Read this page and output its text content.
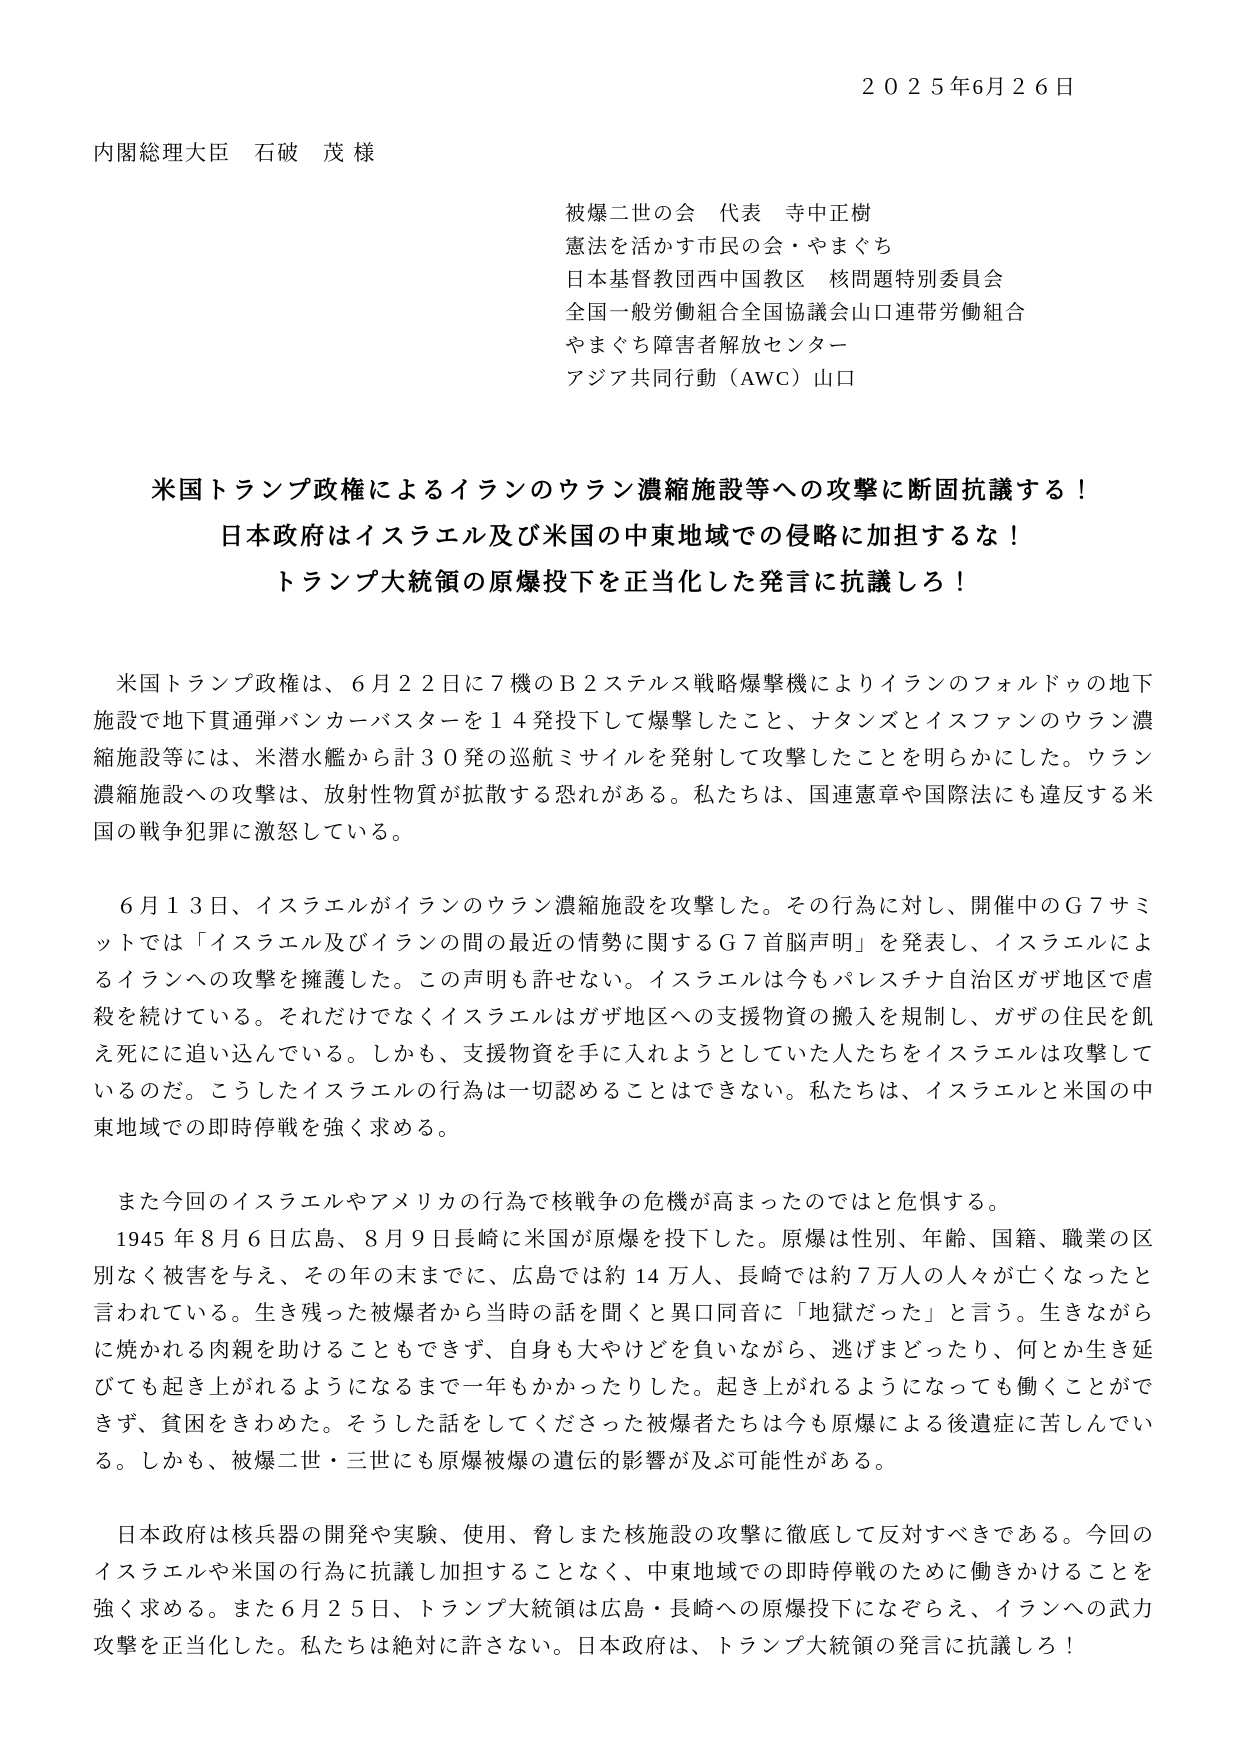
２０２５年6月２６日
内閣総理大臣　石破　茂 様
被爆二世の会　代表　寺中正樹
憲法を活かす市民の会・やまぐち
日本基督教団西中国教区　核問題特別委員会
全国一般労働組合全国協議会山口連帯労働組合
やまぐち障害者解放センター
アジア共同行動（AWC）山口
米国トランプ政権によるイランのウラン濃縮施設等への攻撃に断固抗議する！
日本政府はイスラエル及び米国の中東地域での侵略に加担するな！
トランプ大統領の原爆投下を正当化した発言に抗議しろ！

米国トランプ政権は、６月２２日に７機のＢ２ステルス戦略爆撃機によりイランのフォルドゥの地下施設で地下貫通弾バンカーバスターを１４発投下して爆撃したこと、ナタンズとイスファンのウラン濃縮施設等には、米潜水艦から計３０発の巡航ミサイルを発射して攻撃したことを明らかにした。ウラン濃縮施設への攻撃は、放射性物質が拡散する恐れがある。私たちは、国連憲章や国際法にも違反する米国の戦争犯罪に激怒している。

６月１３日、イスラエルがイランのウラン濃縮施設を攻撃した。その行為に対し、開催中のＧ７サミットでは「イスラエル及びイランの間の最近の情勢に関するＧ７首脳声明」を発表し、イスラエルによるイランへの攻撃を擁護した。この声明も許せない。イスラエルは今もパレスチナ自治区ガザ地区で虐殺を続けている。それだけでなくイスラエルはガザ地区への支援物資の搬入を規制し、ガザの住民を飢え死にに追い込んでいる。しかも、支援物資を手に入れようとしていた人たちをイスラエルは攻撃しているのだ。こうしたイスラエルの行為は一切認めることはできない。私たちは、イスラエルと米国の中東地域での即時停戦を強く求める。

また今回のイスラエルやアメリカの行為で核戦争の危機が高まったのではと危惧する。

1945 年８月６日広島、８月９日長崎に米国が原爆を投下した。原爆は性別、年齢、国籍、職業の区別なく被害を与え、その年の末までに、広島では約 14 万人、長崎では約７万人の人々が亡くなったと言われている。生き残った被爆者から当時の話を聞くと異口同音に「地獄だった」と言う。生きながらに焼かれる肉親を助けることもできず、自身も大やけどを負いながら、逃げまどったり、何とか生き延びても起き上がれるようになるまで一年もかかったりした。起き上がれるようになっても働くことができず、貧困をきわめた。そうした話をしてくださった被爆者たちは今も原爆による後遺症に苦しんでいる。しかも、被爆二世・三世にも原爆被爆の遺伝的影響が及ぶ可能性がある。

日本政府は核兵器の開発や実験、使用、脅しまた核施設の攻撃に徹底して反対すべきである。今回のイスラエルや米国の行為に抗議し加担することなく、中東地域での即時停戦のために働きかけることを強く求める。また６月２５日、トランプ大統領は広島・長崎への原爆投下になぞらえ、イランへの武力攻撃を正当化した。私たちは絶対に許さない。日本政府は、トランプ大統領の発言に抗議しろ！
